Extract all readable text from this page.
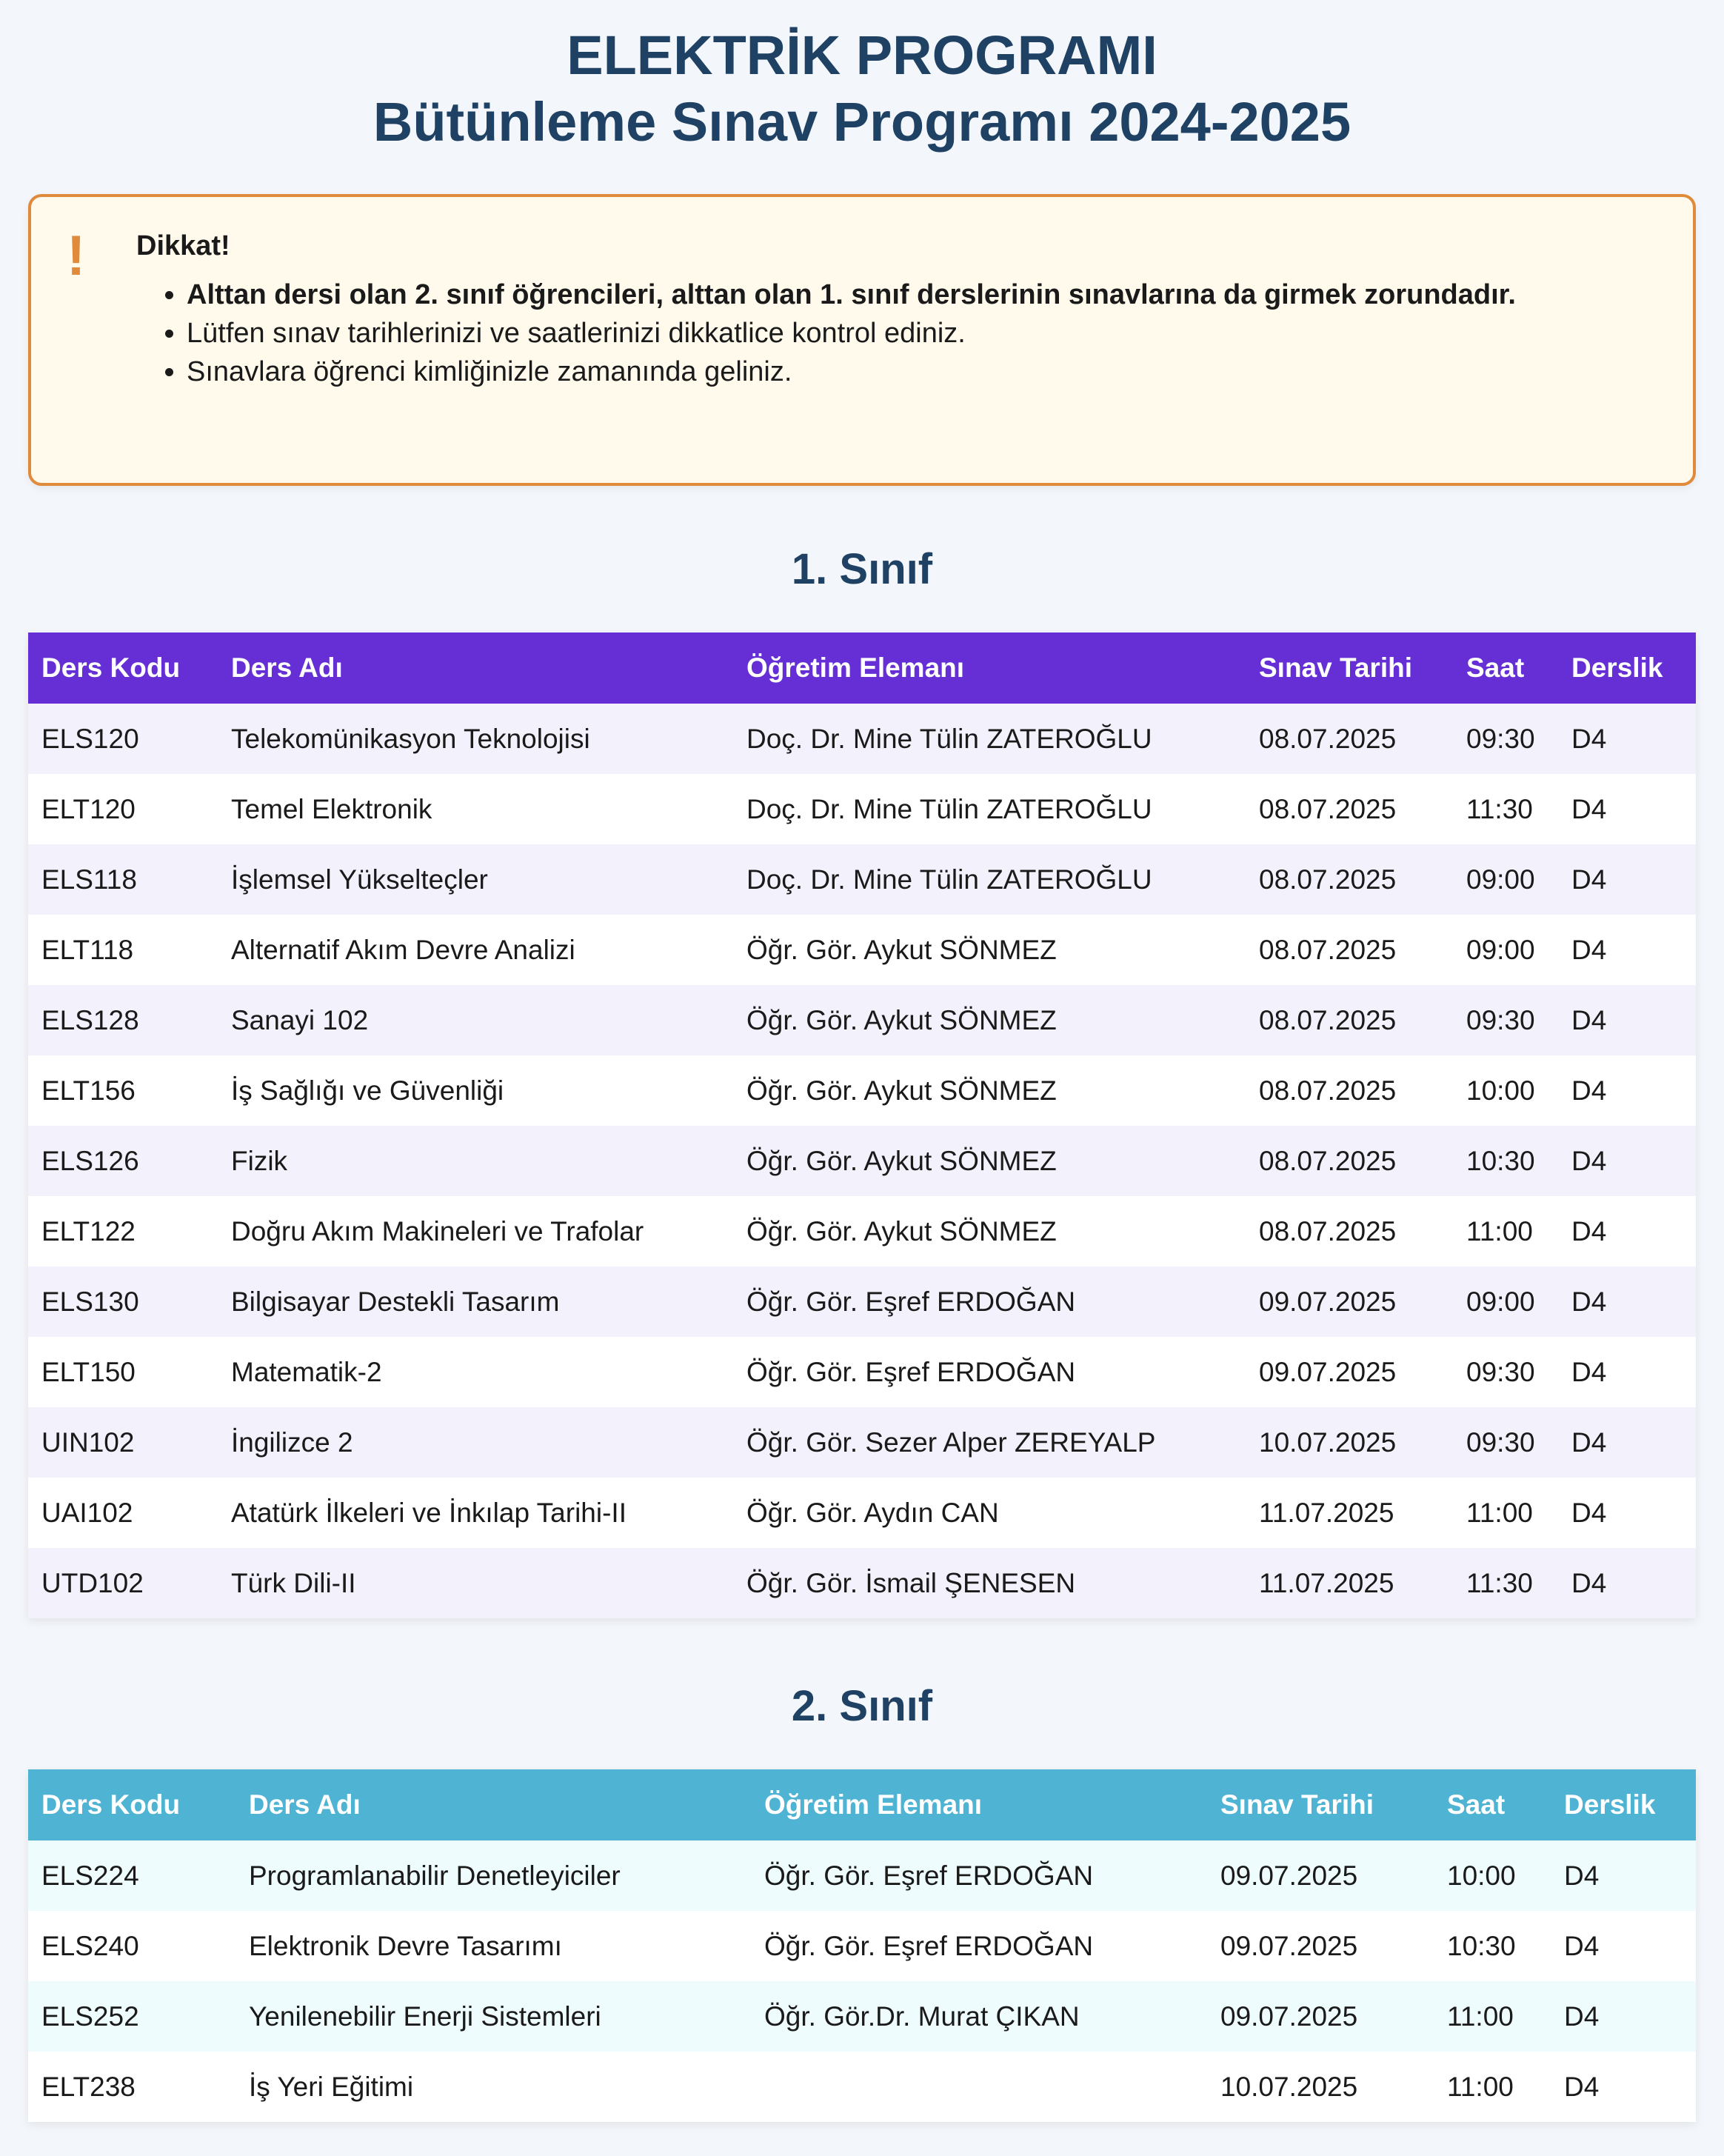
ELEKTRİK PROGRAMI
Bütünleme Sınav Programı 2024-2025
! Dikkat!
• Alttan dersi olan 2. sınıf öğrencileri, alttan olan 1. sınıf derslerinin sınavlarına da girmek zorundadır.
• Lütfen sınav tarihlerinizi ve saatlerinizi dikkatlice kontrol ediniz.
• Sınavlara öğrenci kimliğinizle zamanında geliniz.
1. Sınıf
Ders Kodu	Ders Adı	Öğretim Elemanı	Sınav Tarihi	Saat	Derslik
ELS120	Telekomünikasyon Teknolojisi	Doç. Dr. Mine Tülin ZATEROĞLU	08.07.2025	09:30	D4
ELT120	Temel Elektronik	Doç. Dr. Mine Tülin ZATEROĞLU	08.07.2025	11:30	D4
ELS118	İşlemsel Yükselteçler	Doç. Dr. Mine Tülin ZATEROĞLU	08.07.2025	09:00	D4
ELT118	Alternatif Akım Devre Analizi	Öğr. Gör. Aykut SÖNMEZ	08.07.2025	09:00	D4
ELS128	Sanayi 102	Öğr. Gör. Aykut SÖNMEZ	08.07.2025	09:30	D4
ELT156	İş Sağlığı ve Güvenliği	Öğr. Gör. Aykut SÖNMEZ	08.07.2025	10:00	D4
ELS126	Fizik	Öğr. Gör. Aykut SÖNMEZ	08.07.2025	10:30	D4
ELT122	Doğru Akım Makineleri ve Trafolar	Öğr. Gör. Aykut SÖNMEZ	08.07.2025	11:00	D4
ELS130	Bilgisayar Destekli Tasarım	Öğr. Gör. Eşref ERDOĞAN	09.07.2025	09:00	D4
ELT150	Matematik-2	Öğr. Gör. Eşref ERDOĞAN	09.07.2025	09:30	D4
UIN102	İngilizce 2	Öğr. Gör. Sezer Alper ZEREYALP	10.07.2025	09:30	D4
UAI102	Atatürk İlkeleri ve İnkılap Tarihi-II	Öğr. Gör. Aydın CAN	11.07.2025	11:00	D4
UTD102	Türk Dili-II	Öğr. Gör. İsmail ŞENESEN	11.07.2025	11:30	D4
2. Sınıf
Ders Kodu	Ders Adı	Öğretim Elemanı	Sınav Tarihi	Saat	Derslik
ELS224	Programlanabilir Denetleyiciler	Öğr. Gör. Eşref ERDOĞAN	09.07.2025	10:00	D4
ELS240	Elektronik Devre Tasarımı	Öğr. Gör. Eşref ERDOĞAN	09.07.2025	10:30	D4
ELS252	Yenilenebilir Enerji Sistemleri	Öğr. Gör.Dr. Murat ÇIKAN	09.07.2025	11:00	D4
ELT238	İş Yeri Eğitimi		10.07.2025	11:00	D4
